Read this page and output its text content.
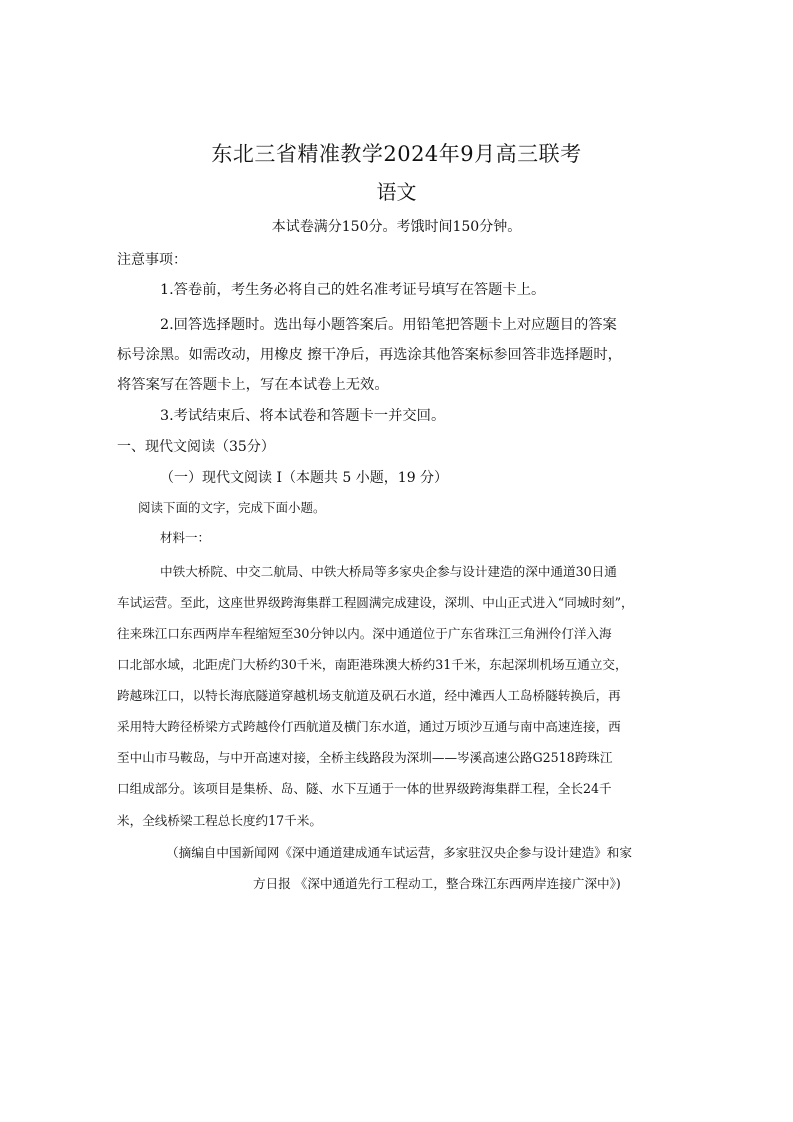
东北三省精准教学2024年9月高三联考
语文
本试卷满分150分。考饿时间150分钟。
注意事项：
1.答卷前，考生务必将自己的姓名准考证号填写在答题卡上。
2.回答选择题时。选出每小题答案后。用铅笔把答题卡上对应题目的答案
标号涂黑。如需改动，用橡皮 擦干净后，再选涂其他答案标参回答非选择题时，
将答案写在答题卡上，写在本试卷上无效。
3.考试结束后、将本试卷和答题卡一并交回。
一、现代文阅读（35分）
（一）现代文阅读 I（本题共 5 小题，19 分）
阅读下面的文字，完成下面小题。
材料一：
中铁大桥院、中交二航局、中铁大桥局等多家央企参与设计建造的深中通道30日通
车试运营。至此，这座世界级跨海集群工程圆满完成建设，深圳、中山正式进入“同城时刻”，
往来珠江口东西两岸车程缩短至30分钟以内。深中通道位于广东省珠江三角洲伶仃洋入海
口北部水域，北距虎门大桥约30千米，南距港珠澳大桥约31千米，东起深圳机场互通立交，
跨越珠江口，以特长海底隧道穿越机场支航道及矾石水道，经中滩西人工岛桥隧转换后，再
采用特大跨径桥梁方式跨越伶仃西航道及横门东水道，通过万顷沙互通与南中高速连接，西
至中山市马鞍岛，与中开高速对接，全桥主线路段为深圳——岑溪高速公路G2518跨珠江
口组成部分。该项目是集桥、岛、隧、水下互通于一体的世界级跨海集群工程，全长24千
米，全线桥梁工程总长度约17千米。
（摘编自中国新闻网《深中通道建成通车试运营，多家驻汉央企参与设计建造》和家
方日报 《深中通道先行工程动工，整合珠江东西两岸连接广深中》)
